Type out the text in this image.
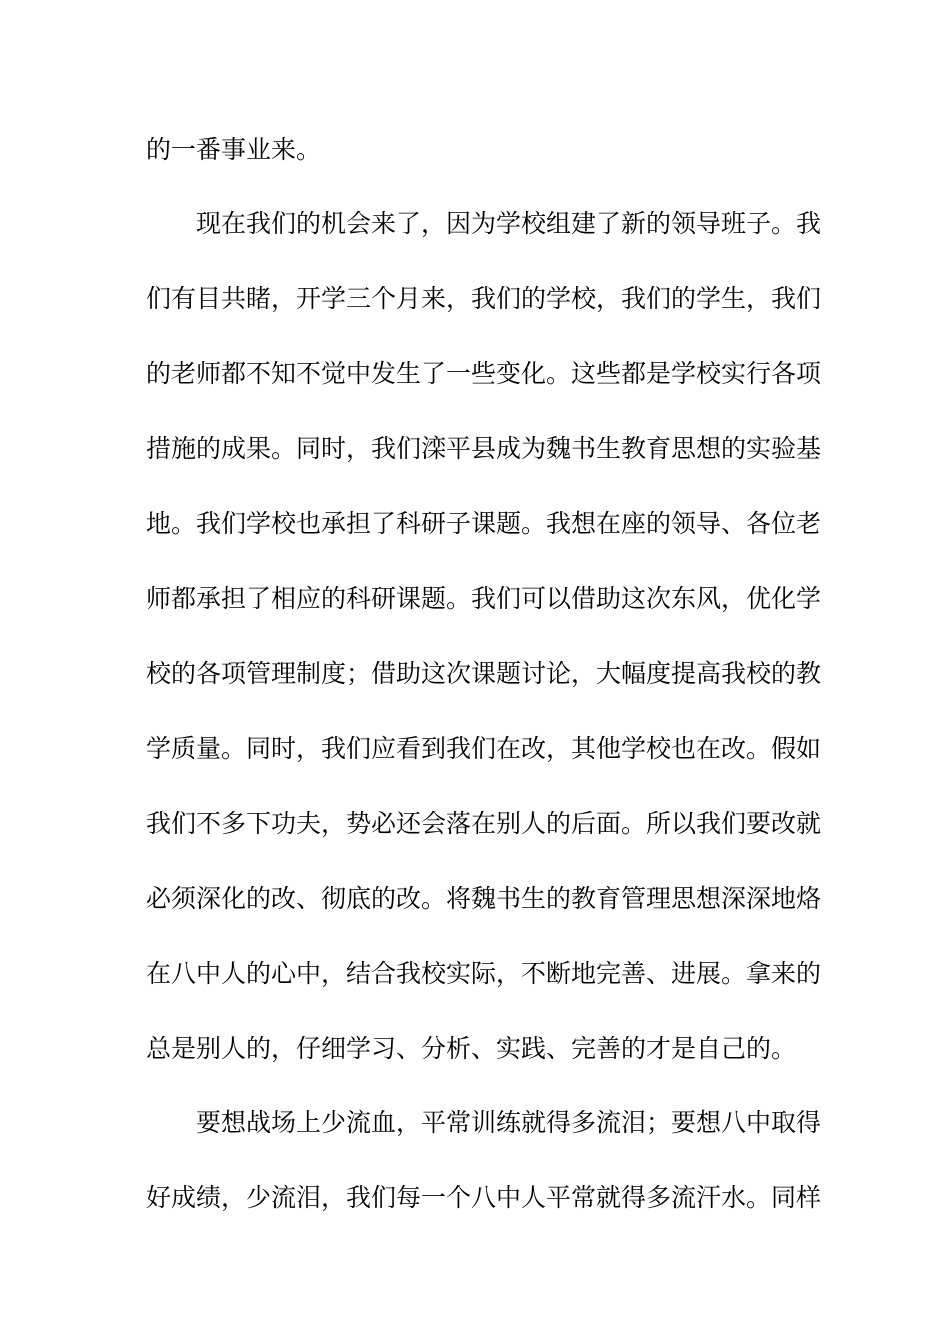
的一番事业来。
现在我们的机会来了，因为学校组建了新的领导班子。我
们有目共睹，开学三个月来，我们的学校，我们的学生，我们
的老师都不知不觉中发生了一些变化。这些都是学校实行各项
措施的成果。同时，我们滦平县成为魏书生教育思想的实验基
地。我们学校也承担了科研子课题。我想在座的领导、各位老
师都承担了相应的科研课题。我们可以借助这次东风，优化学
校的各项管理制度；借助这次课题讨论，大幅度提高我校的教
学质量。同时，我们应看到我们在改，其他学校也在改。假如
我们不多下功夫，势必还会落在别人的后面。所以我们要改就
必须深化的改、彻底的改。将魏书生的教育管理思想深深地烙
在八中人的心中，结合我校实际，不断地完善、进展。拿来的
总是别人的，仔细学习、分析、实践、完善的才是自己的。
要想战场上少流血，平常训练就得多流泪；要想八中取得
好成绩，少流泪，我们每一个八中人平常就得多流汗水。同样
